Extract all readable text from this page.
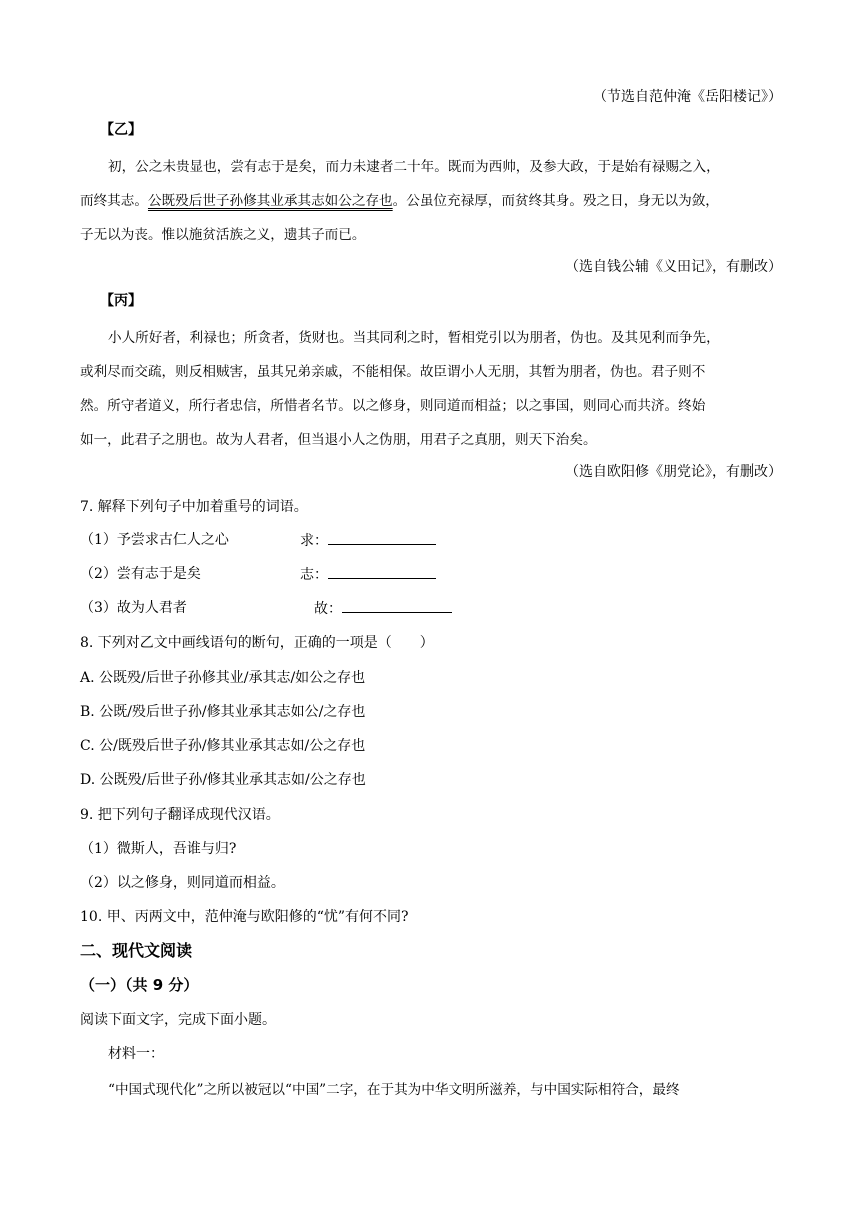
（节选自范仲淹《岳阳楼记》）
【乙】
初，公之未贵显也，尝有志于是矣，而力未逮者二十年。既而为西帅，及参大政，于是始有禄赐之入，
而终其志。公既殁后世子孙修其业承其志如公之存也。公虽位充禄厚，而贫终其身。殁之日，身无以为敛，
子无以为丧。惟以施贫活族之义，遗其子而已。
（选自钱公辅《义田记》，有删改）
【丙】
小人所好者，利禄也；所贪者，货财也。当其同利之时，暂相党引以为朋者，伪也。及其见利而争先，
或利尽而交疏，则反相贼害，虽其兄弟亲戚，不能相保。故臣谓小人无朋，其暂为朋者，伪也。君子则不
然。所守者道义，所行者忠信，所惜者名节。以之修身，则同道而相益；以之事国，则同心而共济。终始
如一，此君子之朋也。故为人君者，但当退小人之伪朋，用君子之真朋，则天下治矣。
（选自欧阳修《朋党论》，有删改）
7. 解释下列句子中加着重号的词语。
（1）予尝求古仁人之心	求：
（2）尝有志于是矣	志：
（3）故为人君者	故：
8. 下列对乙文中画线语句的断句，正确的一项是（　　）
A. 公既殁/后世子孙修其业/承其志/如公之存也
B. 公既/殁后世子孙/修其业承其志如公/之存也
C. 公/既殁后世子孙/修其业承其志如/公之存也
D. 公既殁/后世子孙/修其业承其志如/公之存也
9. 把下列句子翻译成现代汉语。
（1）微斯人，吾谁与归?
（2）以之修身，则同道而相益。
10. 甲、丙两文中，范仲淹与欧阳修的“忧”有何不同?
二、现代文阅读
（一）（共 9 分）
阅读下面文字，完成下面小题。
材料一：
“中国式现代化”之所以被冠以“中国”二字，在于其为中华文明所滋养，与中国实际相符合，最终
